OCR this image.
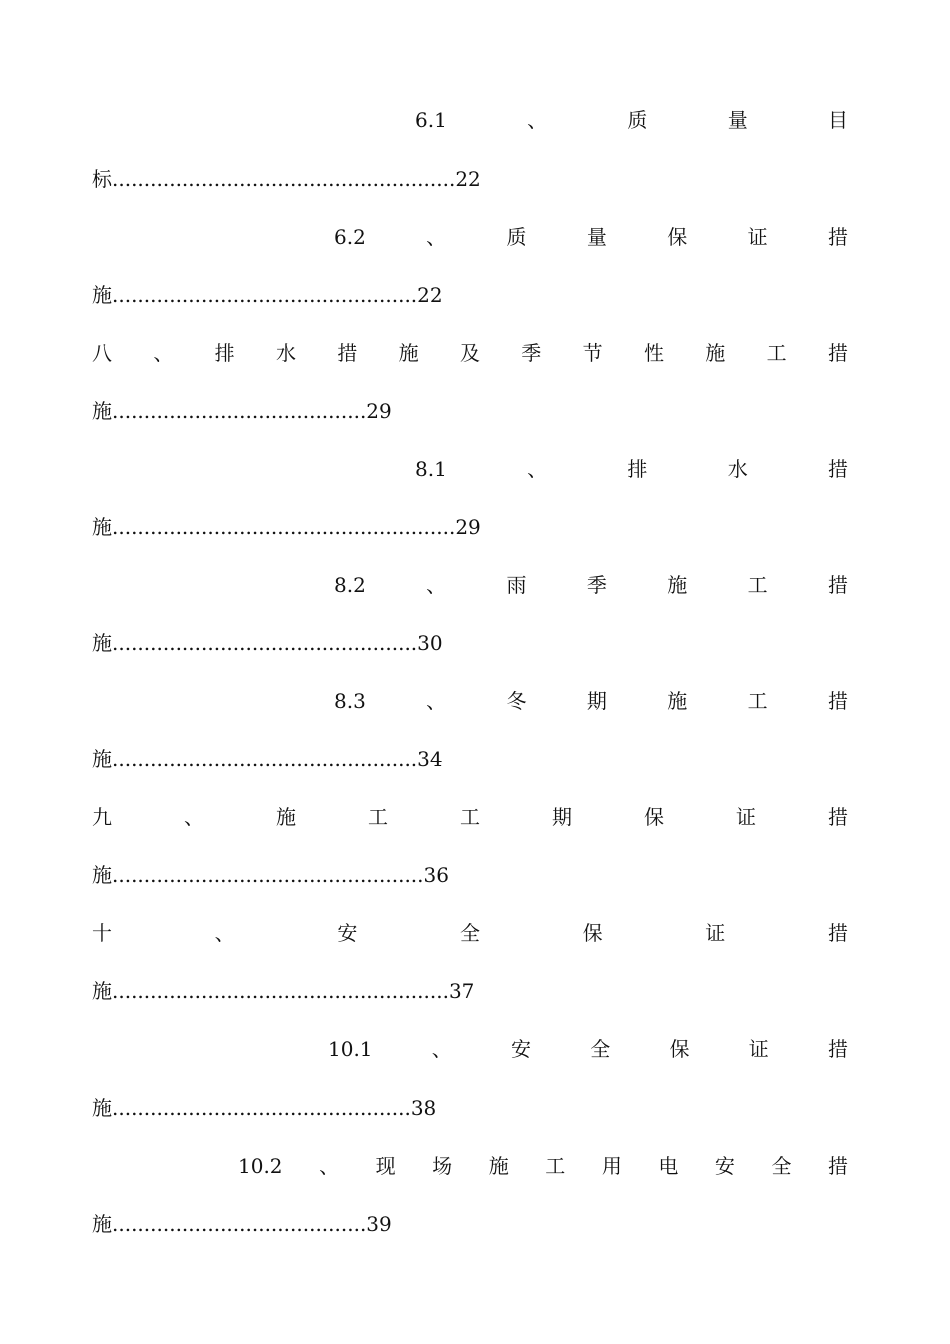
6.1	、	质	量	目
标......................................................22
6.2	、	质	量	保	证	措
施................................................22
八 、 排 水 措 施 及 季 节 性 施 工 措
施........................................29
8.1	、	排	水	措
施......................................................29
8.2	、	雨	季	施	工	措
施................................................30
8.3	、	冬	期	施	工	措
施................................................34
九	、	施	工	工	期	保	证	措
施.................................................36
十	、	安	全	保	证	措
施.....................................................37
10.1	、	安	全	保	证	措
施...............................................38
10.2 、 现 场 施 工 用 电 安 全 措
施........................................39
